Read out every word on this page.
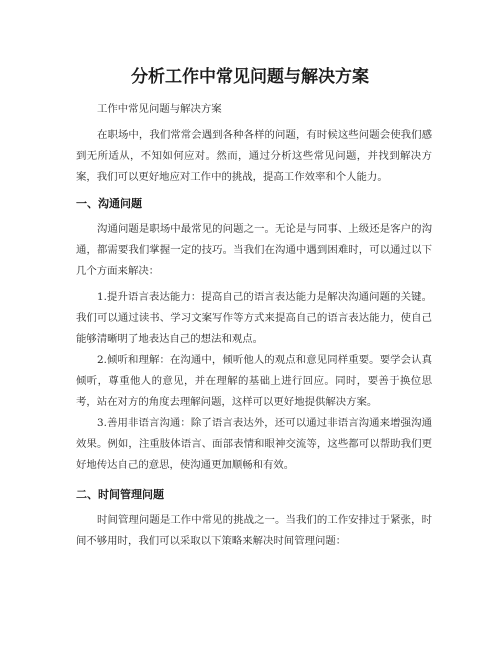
分析工作中常见问题与解决方案

工作中常见问题与解决方案

在职场中，我们常常会遇到各种各样的问题，有时候这些问题会使我们感到无所适从，不知如何应对。然而，通过分析这些常见问题，并找到解决方案，我们可以更好地应对工作中的挑战，提高工作效率和个人能力。

一、沟通问题

沟通问题是职场中最常见的问题之一。无论是与同事、上级还是客户的沟通，都需要我们掌握一定的技巧。当我们在沟通中遇到困难时，可以通过以下几个方面来解决：

1.提升语言表达能力：提高自己的语言表达能力是解决沟通问题的关键。我们可以通过读书、学习文案写作等方式来提高自己的语言表达能力，使自己能够清晰明了地表达自己的想法和观点。

2.倾听和理解：在沟通中，倾听他人的观点和意见同样重要。要学会认真倾听，尊重他人的意见，并在理解的基础上进行回应。同时，要善于换位思考，站在对方的角度去理解问题，这样可以更好地提供解决方案。

3.善用非语言沟通：除了语言表达外，还可以通过非语言沟通来增强沟通效果。例如，注重肢体语言、面部表情和眼神交流等，这些都可以帮助我们更好地传达自己的意思，使沟通更加顺畅和有效。

二、时间管理问题

时间管理问题是工作中常见的挑战之一。当我们的工作安排过于紧张，时间不够用时，我们可以采取以下策略来解决时间管理问题：
